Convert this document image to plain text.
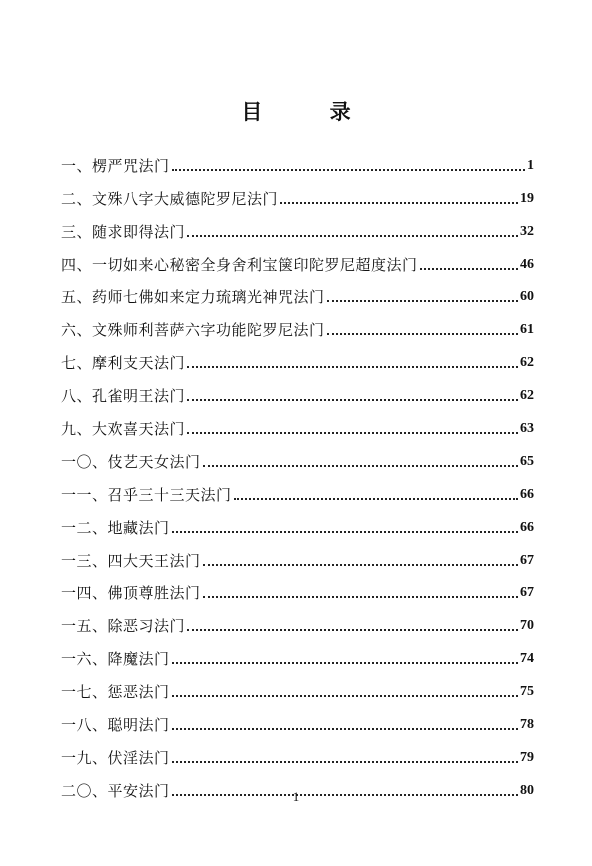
目 录
一、楞严咒法门	1
二、文殊八字大威德陀罗尼法门	19
三、随求即得法门	32
四、一切如来心秘密全身舍利宝箧印陀罗尼超度法门	46
五、药师七佛如来定力琉璃光神咒法门	60
六、文殊师利菩萨六字功能陀罗尼法门	61
七、摩利支天法门	62
八、孔雀明王法门	62
九、大欢喜天法门	63
一〇、伎艺天女法门	65
一一、召乎三十三天法门	66
一二、地藏法门	66
一三、四大天王法门	67
一四、佛顶尊胜法门	67
一五、除恶习法门	70
一六、降魔法门	74
一七、惩恶法门	75
一八、聪明法门	78
一九、伏淫法门	79
二〇、平安法门	80
1
